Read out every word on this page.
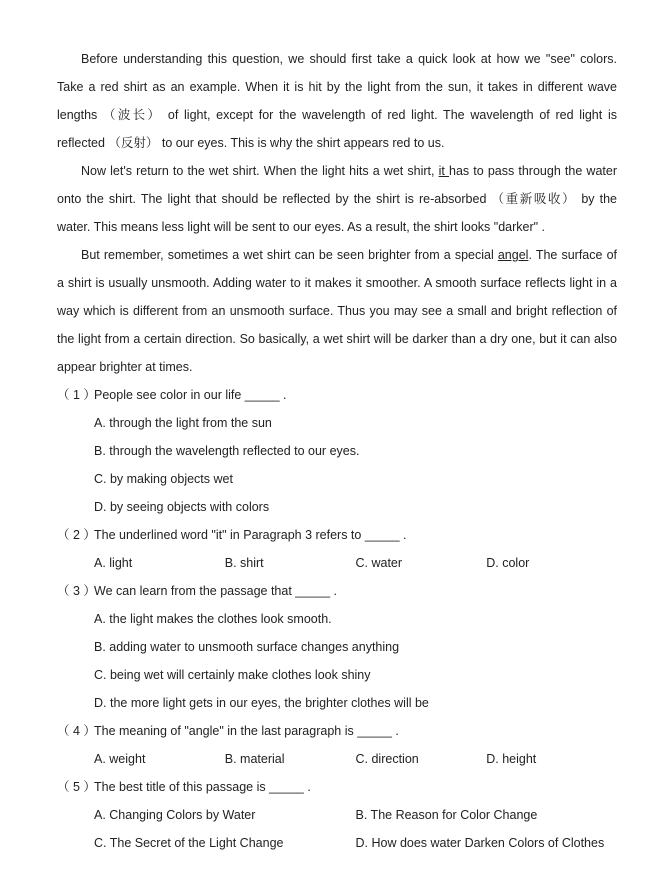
Before understanding this question, we should first take a quick look at how we "see" colors. Take a red shirt as an example. When it is hit by the light from the sun, it takes in different wave lengths （波长） of light, except for the wavelength of red light. The wavelength of red light is reflected （反射） to our eyes. This is why the shirt appears red to us.

Now let's return to the wet shirt. When the light hits a wet shirt, it has to pass through the water onto the shirt. The light that should be reflected by the shirt is re-absorbed （重新吸收） by the water. This means less light will be sent to our eyes. As a result, the shirt looks "darker" .

But remember, sometimes a wet shirt can be seen brighter from a special angel. The surface of a shirt is usually unsmooth. Adding water to it makes it smoother. A smooth surface reflects light in a way which is different from an unsmooth surface. Thus you may see a small and bright reflection of the light from a certain direction. So basically, a wet shirt will be darker than a dry one, but it can also appear brighter at times.

（ 1 ）People see color in our life _____ .

A. through the light from the sun
B. through the wavelength reflected to our eyes.
C. by making objects wet
D. by seeing objects with colors

（ 2 ）The underlined word "it" in Paragraph 3 refers to _____ .

A. light	B. shirt	C. water	D. color

（ 3 ）We can learn from the passage that _____ .

A. the light makes the clothes look smooth.
B. adding water to unsmooth surface changes anything
C. being wet will certainly make clothes look shiny
D. the more light gets in our eyes, the brighter clothes will be

（ 4 ）The meaning of "angle" in the last paragraph is _____ .

A. weight	B. material	C. direction	D. height

（ 5 ）The best title of this passage is _____ .

A. Changing Colors by Water	B. The Reason for Color Change
C. The Secret of the Light Change	D. How does water Darken Colors of Clothes
